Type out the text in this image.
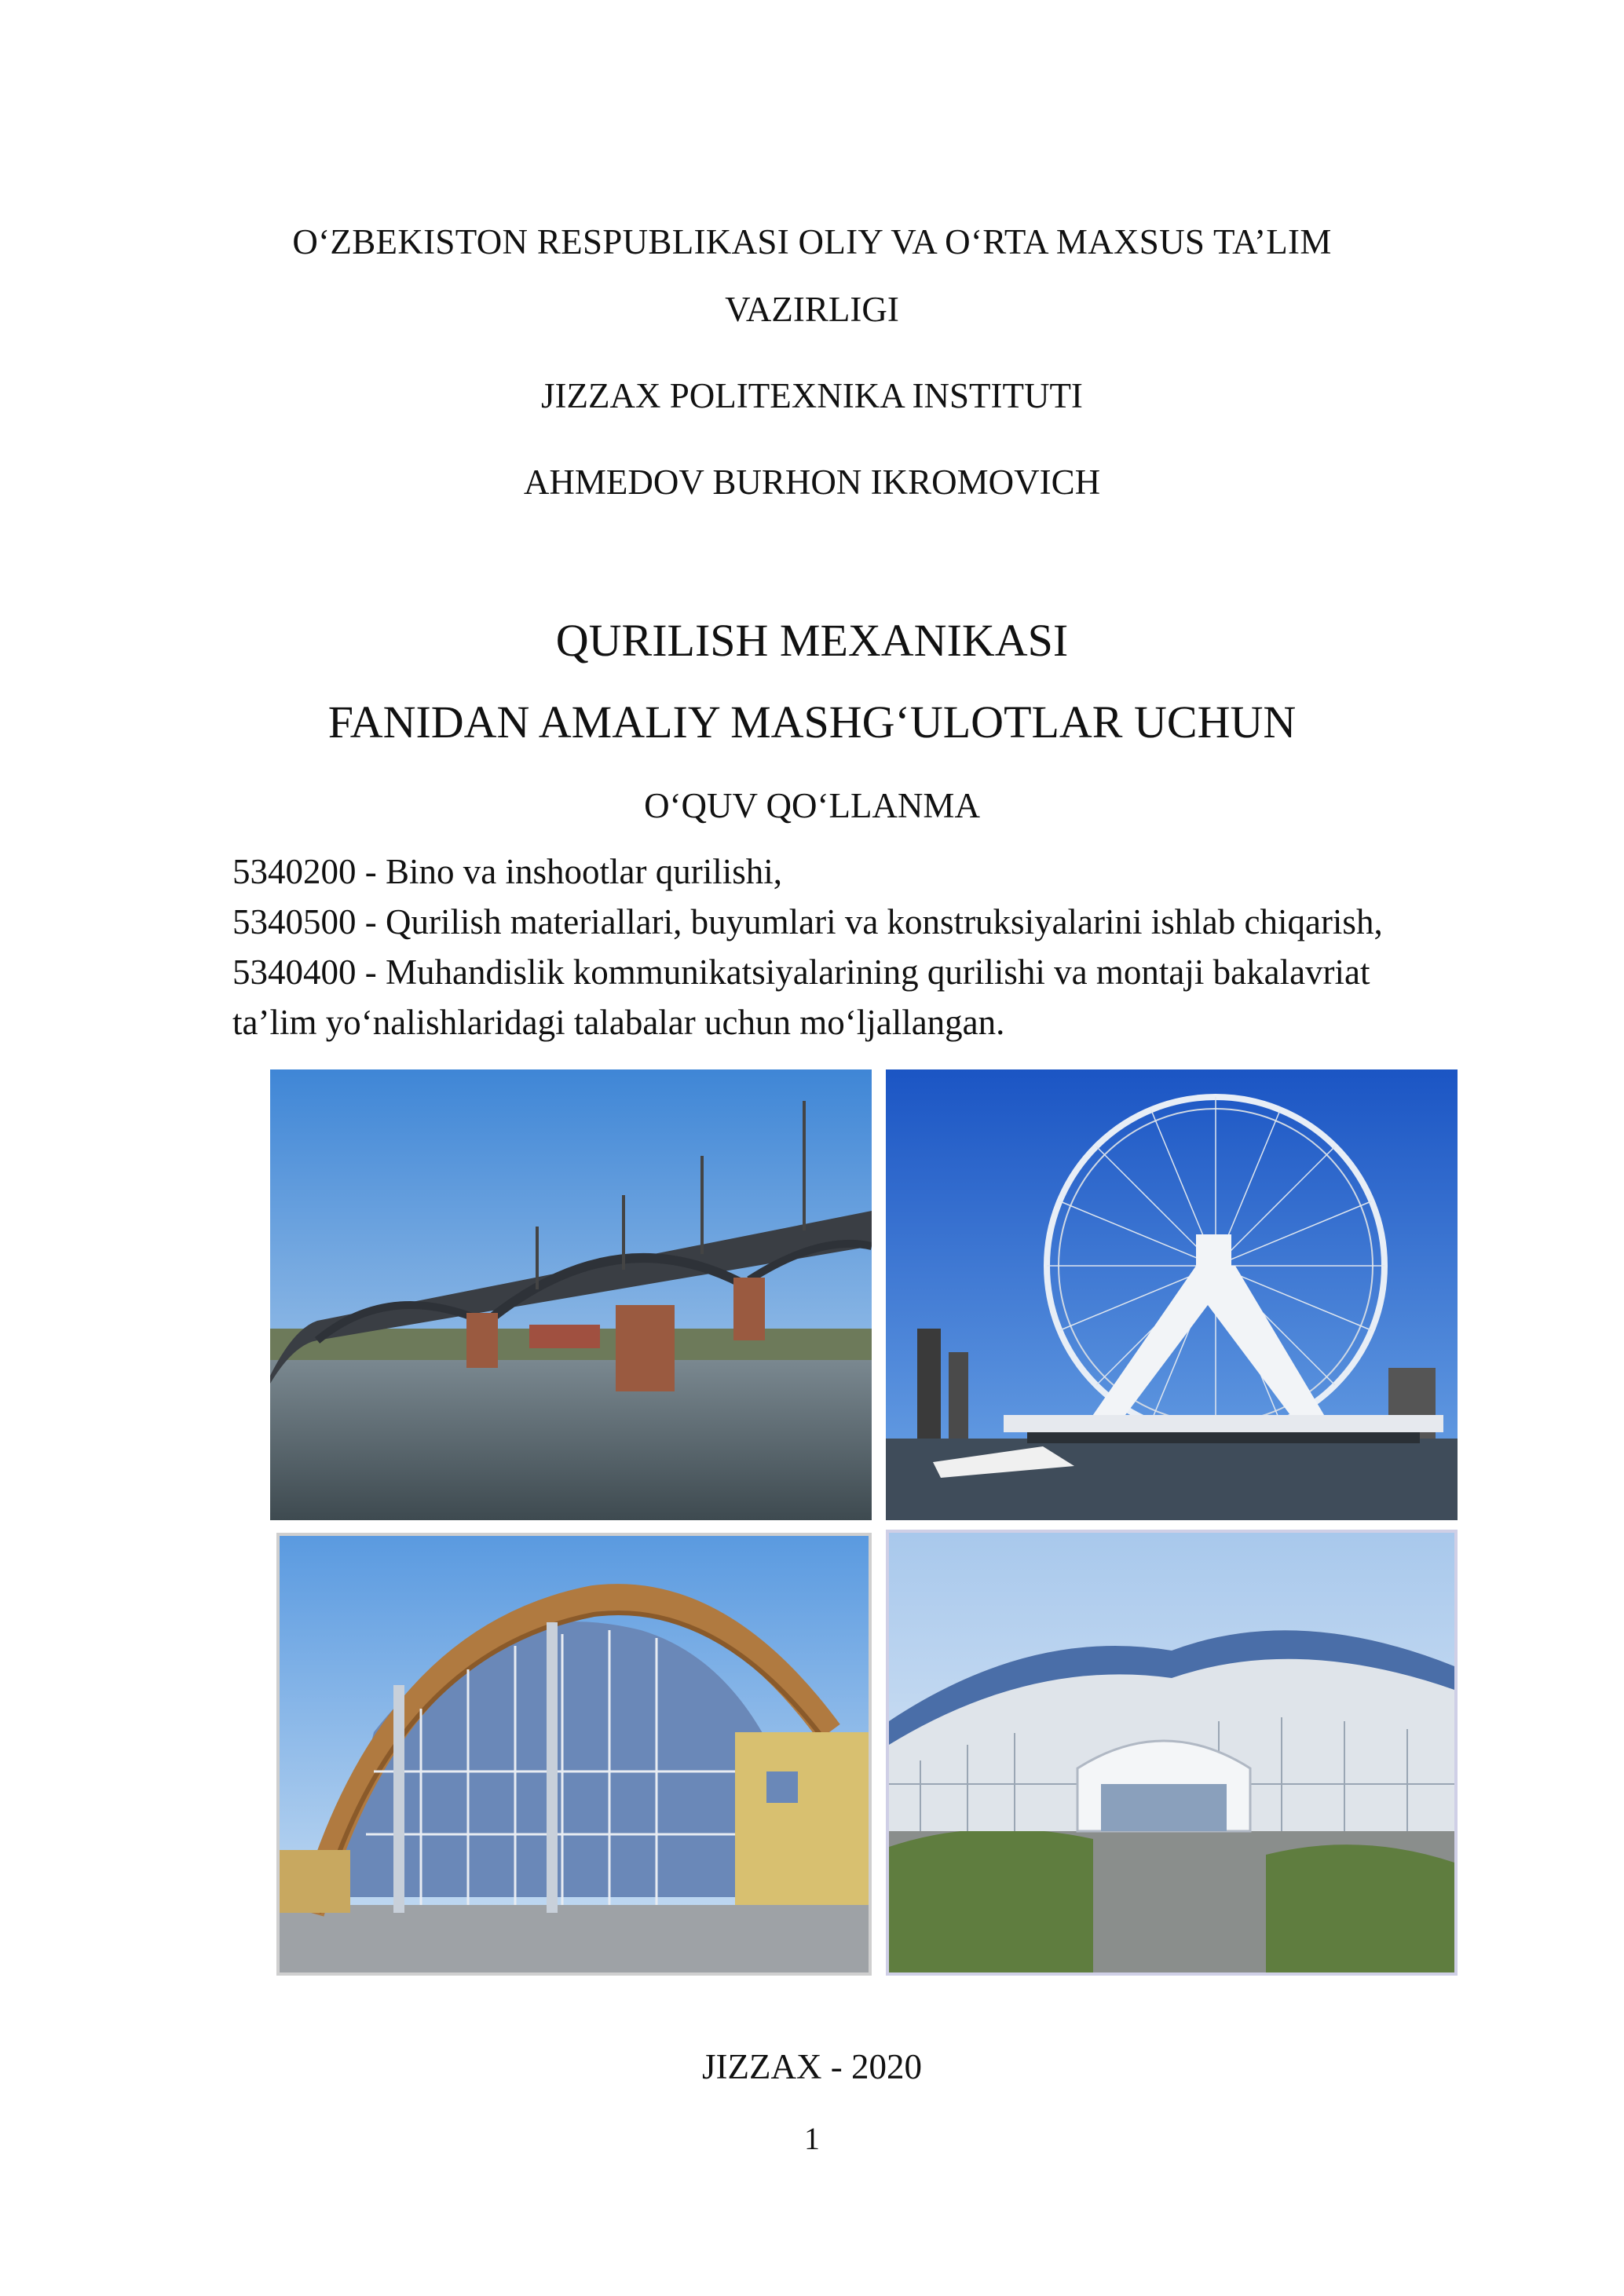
O‘ZBEKISTON RESPUBLIKASI OLIY VA O‘RTA MAXSUS TA’LIM
VAZIRLIGI
JIZZAX POLITEXNIKA INSTITUTI
AHMEDOV BURHON IKROMOVICH
QURILISH MEXANIKASI
FANIDAN AMALIY MASHG‘ULOTLAR UCHUN
O‘QUV QO‘LLANMA
5340200 - Bino va inshootlar qurilishi,
5340500 - Qurilish materiallari, buyumlari va konstruksiyalarini ishlab chiqarish,
5340400 - Muhandislik kommunikatsiyalarining qurilishi va montaji bakalavriat
ta’lim yo‘nalishlaridagi talabalar uchun mo‘ljallangan.
JIZZAX - 2020
1
